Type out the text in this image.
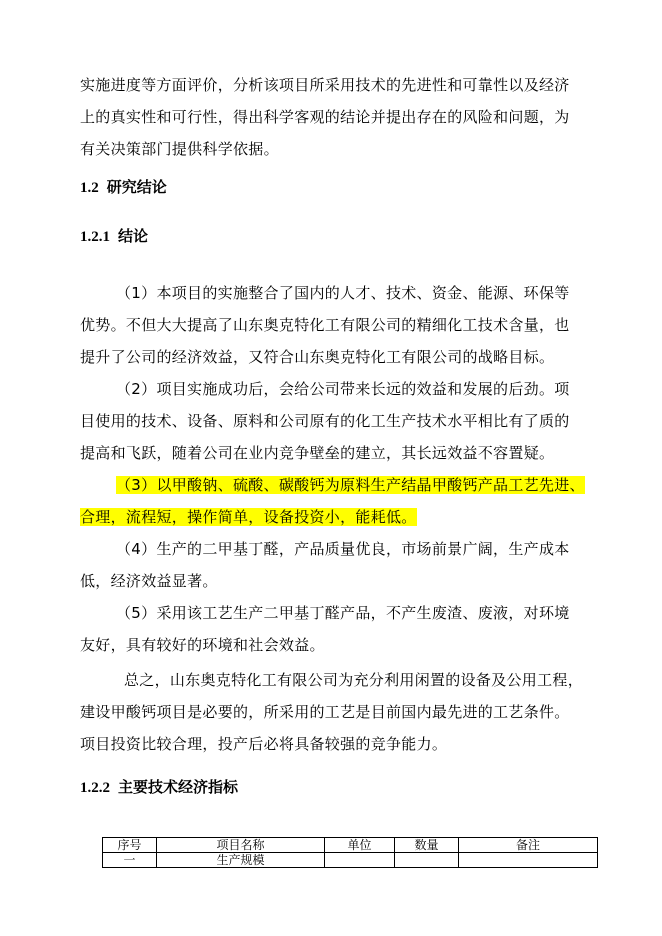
实施进度等方面评价，分析该项目所采用技术的先进性和可靠性以及经济
上的真实性和可行性，得出科学客观的结论并提出存在的风险和问题，为
有关决策部门提供科学依据。
1.2 研究结论
1.2.1 结论
（1）本项目的实施整合了国内的人才、技术、资金、能源、环保等
优势。不但大大提高了山东奥克特化工有限公司的精细化工技术含量，也
提升了公司的经济效益，又符合山东奥克特化工有限公司的战略目标。
（2）项目实施成功后，会给公司带来长远的效益和发展的后劲。项
目使用的技术、设备、原料和公司原有的化工生产技术水平相比有了质的
提高和飞跃，随着公司在业内竞争壁垒的建立，其长远效益不容置疑。
（3）以甲酸钠、硫酸、碳酸钙为原料生产结晶甲酸钙产品工艺先进、
合理，流程短，操作简单，设备投资小，能耗低。
（4）生产的二甲基丁醛，产品质量优良，市场前景广阔，生产成本
低，经济效益显著。
（5）采用该工艺生产二甲基丁醛产品，不产生废渣、废液，对环境
友好，具有较好的环境和社会效益。
总之，山东奥克特化工有限公司为充分利用闲置的设备及公用工程，
建设甲酸钙项目是必要的，所采用的工艺是目前国内最先进的工艺条件。
项目投资比较合理，投产后必将具备较强的竞争能力。
1.2.2 主要技术经济指标
序号	项目名称	单位	数量	备注
一	生产规模			
